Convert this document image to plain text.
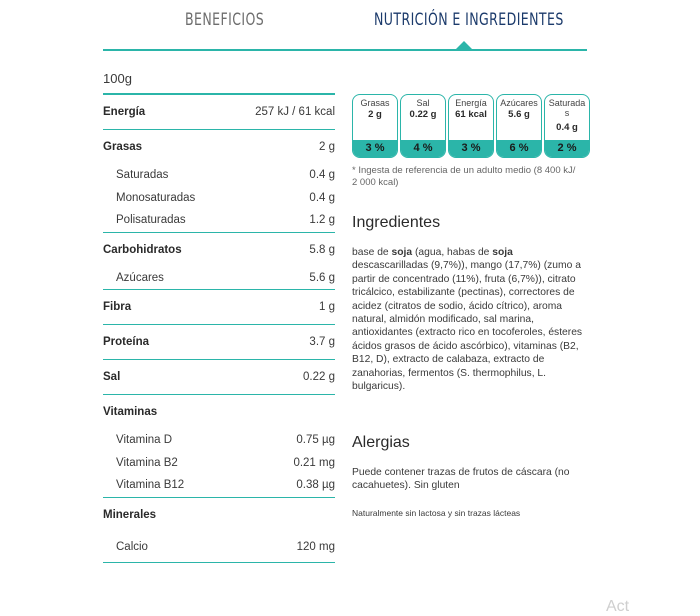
BENEFICIOS	NUTRICIÓN E INGREDIENTES
100g
Energía	257 kJ / 61 kcal
Grasas	2 g
Saturadas	0.4 g
Monosaturadas	0.4 g
Polisaturadas	1.2 g
Carbohidratos	5.8 g
Azúcares	5.6 g
Fibra	1 g
Proteína	3.7 g
Sal	0.22 g
Vitaminas
Vitamina D	0.75 µg
Vitamina B2	0.21 mg
Vitamina B12	0.38 µg
Minerales
Calcio	120 mg
Grasas
2 g
3 %
Sal
0.22 g
4 %
Energía
61 kcal
3 %
Azúcares
5.6 g
6 %
Saturadas
0.4 g
2 %
* Ingesta de referencia de un adulto medio (8 400 kJ/ 2 000 kcal)
Ingredientes
base de soja (agua, habas de soja descascarilladas (9,7%)), mango (17,7%) (zumo a partir de concentrado (11%), fruta (6,7%)), citrato tricálcico, estabilizante (pectinas), correctores de acidez (citratos de sodio, ácido cítrico), aroma natural, almidón modificado, sal marina, antioxidantes (extracto rico en tocoferoles, ésteres ácidos grasos de ácido ascórbico), vitaminas (B2, B12, D), extracto de calabaza, extracto de zanahorias, fermentos (S. thermophilus, L. bulgaricus).
Alergias
Puede contener trazas de frutos de cáscara (no cacahuetes). Sin gluten
Naturalmente sin lactosa y sin trazas lácteas
Act
